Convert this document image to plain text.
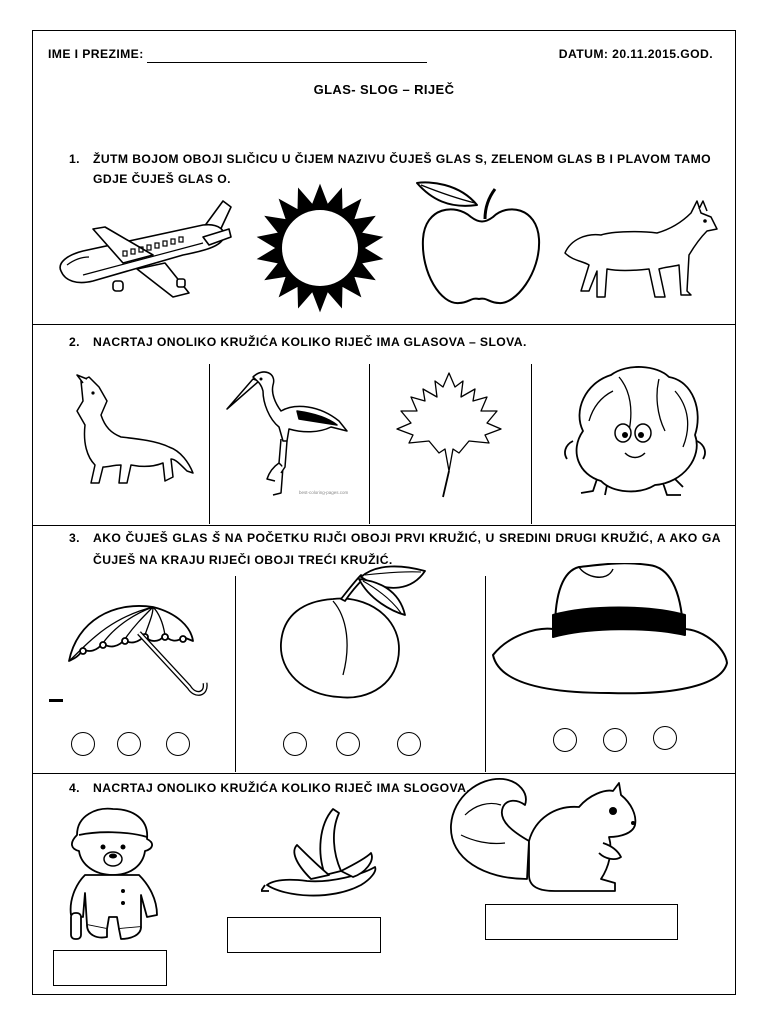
IME I PREZIME:	DATUM: 20.11.2015.GOD.
GLAS- SLOG – RIJEČ
1. ŽUTM BOJOM OBOJI SLIČICU U ČIJEM NAZIVU ČUJEŠ GLAS S, ZELENOM GLAS B I PLAVOM TAMO
GDJE ČUJEŠ GLAS O.
2. NACRTAJ ONOLIKO KRUŽIĆA KOLIKO RIJEČ IMA GLASOVA – SLOVA.
best-coloring-pages.com
3. AKO ČUJEŠ GLAS Š NA POČETKU RIJČI OBOJI PRVI KRUŽIĆ, U SREDINI DRUGI KRUŽIĆ, A AKO GA
ČUJEŠ NA KRAJU RIJEČI OBOJI TREĆI KRUŽIĆ.
4. NACRTAJ ONOLIKO KRUŽIĆA KOLIKO RIJEČ IMA SLOGOVA.
